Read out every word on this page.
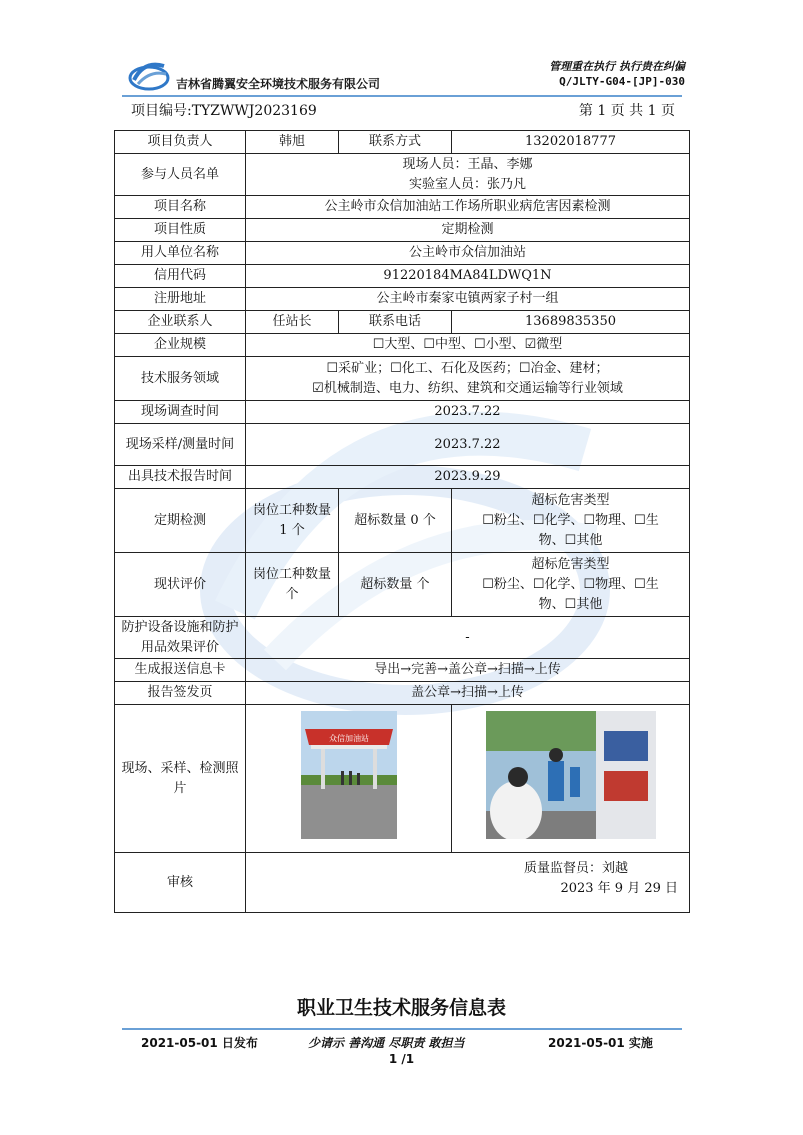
吉林省腾翼安全环境技术服务有限公司
管理重在执行 执行贵在纠偏
Q/JLTY-G04-[JP]-030
项目编号:TYZWWJ2023169	第 1 页 共 1 页
项目负责人	韩旭	联系方式	13202018777
参与人员名单	现场人员：王晶、李娜
实验室人员：张乃凡		

项目名称	公主岭市众信加油站工作场所职业病危害因素检测		
项目性质	定期检测		
用人单位名称	公主岭市众信加油站		
信用代码	91220184MA84LDWQ1N		
注册地址	公主岭市秦家屯镇两家子村一组		
企业联系人	任站长	联系电话	13689835350
企业规模	☐大型、☐中型、☐小型、☑微型		
技术服务领域	☐采矿业；☐化工、石化及医药；☐冶金、建材；
☑机械制造、电力、纺织、建筑和交通运输等行业领域		

现场调查时间	2023.7.22		
现场采样/测量时间	2023.7.22		
出具技术报告时间	2023.9.29		
定期检测	岗位工种数量 1 个	超标数量 0 个	超标危害类型
☐粉尘、☐化学、☐物理、☐生
物、☐其他

现状评价	岗位工种数量 个	超标数量 个	超标危害类型
☐粉尘、☐化学、☐物理、☐生
物、☐其他

防护设备设施和防护用品效果评价	-		
生成报送信息卡	导出→完善→盖公章→扫描→上传		
报告签发页	盖公章→扫描→上传		
现场、采样、检测照片	众信加油站

审核	质量监督员：刘越
2023 年 9 月 29 日		
职业卫生技术服务信息表
2021-05-01 日发布	少请示 善沟通 尽职责 敢担当	2021-05-01 实施
1 /1
